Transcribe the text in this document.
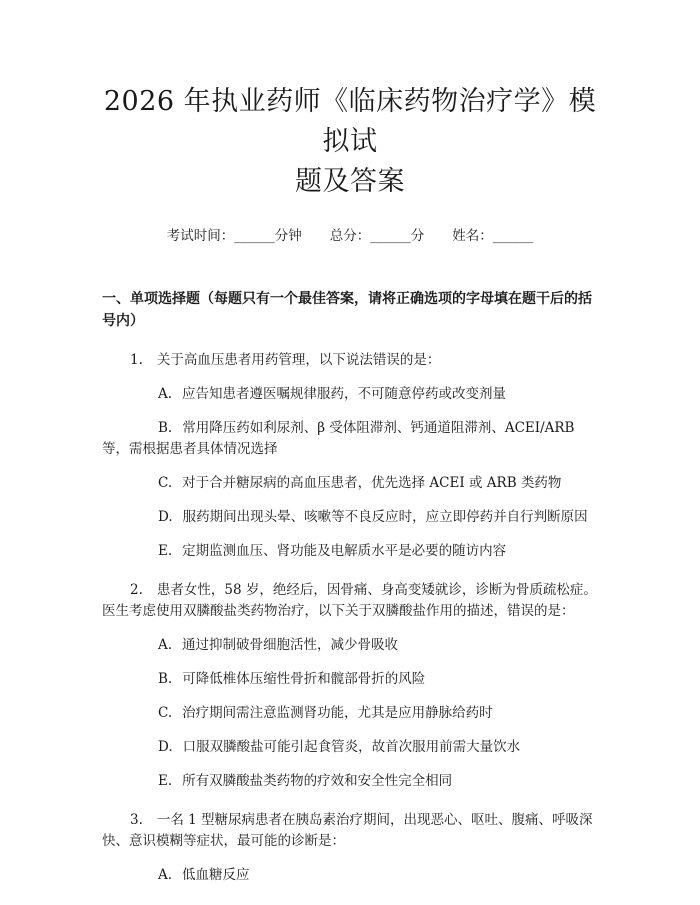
2026 年执业药师《临床药物治疗学》模拟试
题及答案
考试时间：______分钟 总分：______分 姓名：______
一、单项选择题（每题只有一个最佳答案，请将正确选项的字母填在题干后的括号内）
1. 关于高血压患者用药管理，以下说法错误的是：
A. 应告知患者遵医嘱规律服药，不可随意停药或改变剂量
B. 常用降压药如利尿剂、β 受体阻滞剂、钙通道阻滞剂、ACEI/ARB 等，需根据患者具体情况选择
C. 对于合并糖尿病的高血压患者，优先选择 ACEI 或 ARB 类药物
D. 服药期间出现头晕、咳嗽等不良反应时，应立即停药并自行判断原因
E. 定期监测血压、肾功能及电解质水平是必要的随访内容
2. 患者女性，58 岁，绝经后，因骨痛、身高变矮就诊，诊断为骨质疏松症。医生考虑使用双膦酸盐类药物治疗，以下关于双膦酸盐作用的描述，错误的是：
A. 通过抑制破骨细胞活性，减少骨吸收
B. 可降低椎体压缩性骨折和髋部骨折的风险
C. 治疗期间需注意监测肾功能，尤其是应用静脉给药时
D. 口服双膦酸盐可能引起食管炎，故首次服用前需大量饮水
E. 所有双膦酸盐类药物的疗效和安全性完全相同
3. 一名 1 型糖尿病患者在胰岛素治疗期间，出现恶心、呕吐、腹痛、呼吸深快、意识模糊等症状，最可能的诊断是：
A. 低血糖反应
